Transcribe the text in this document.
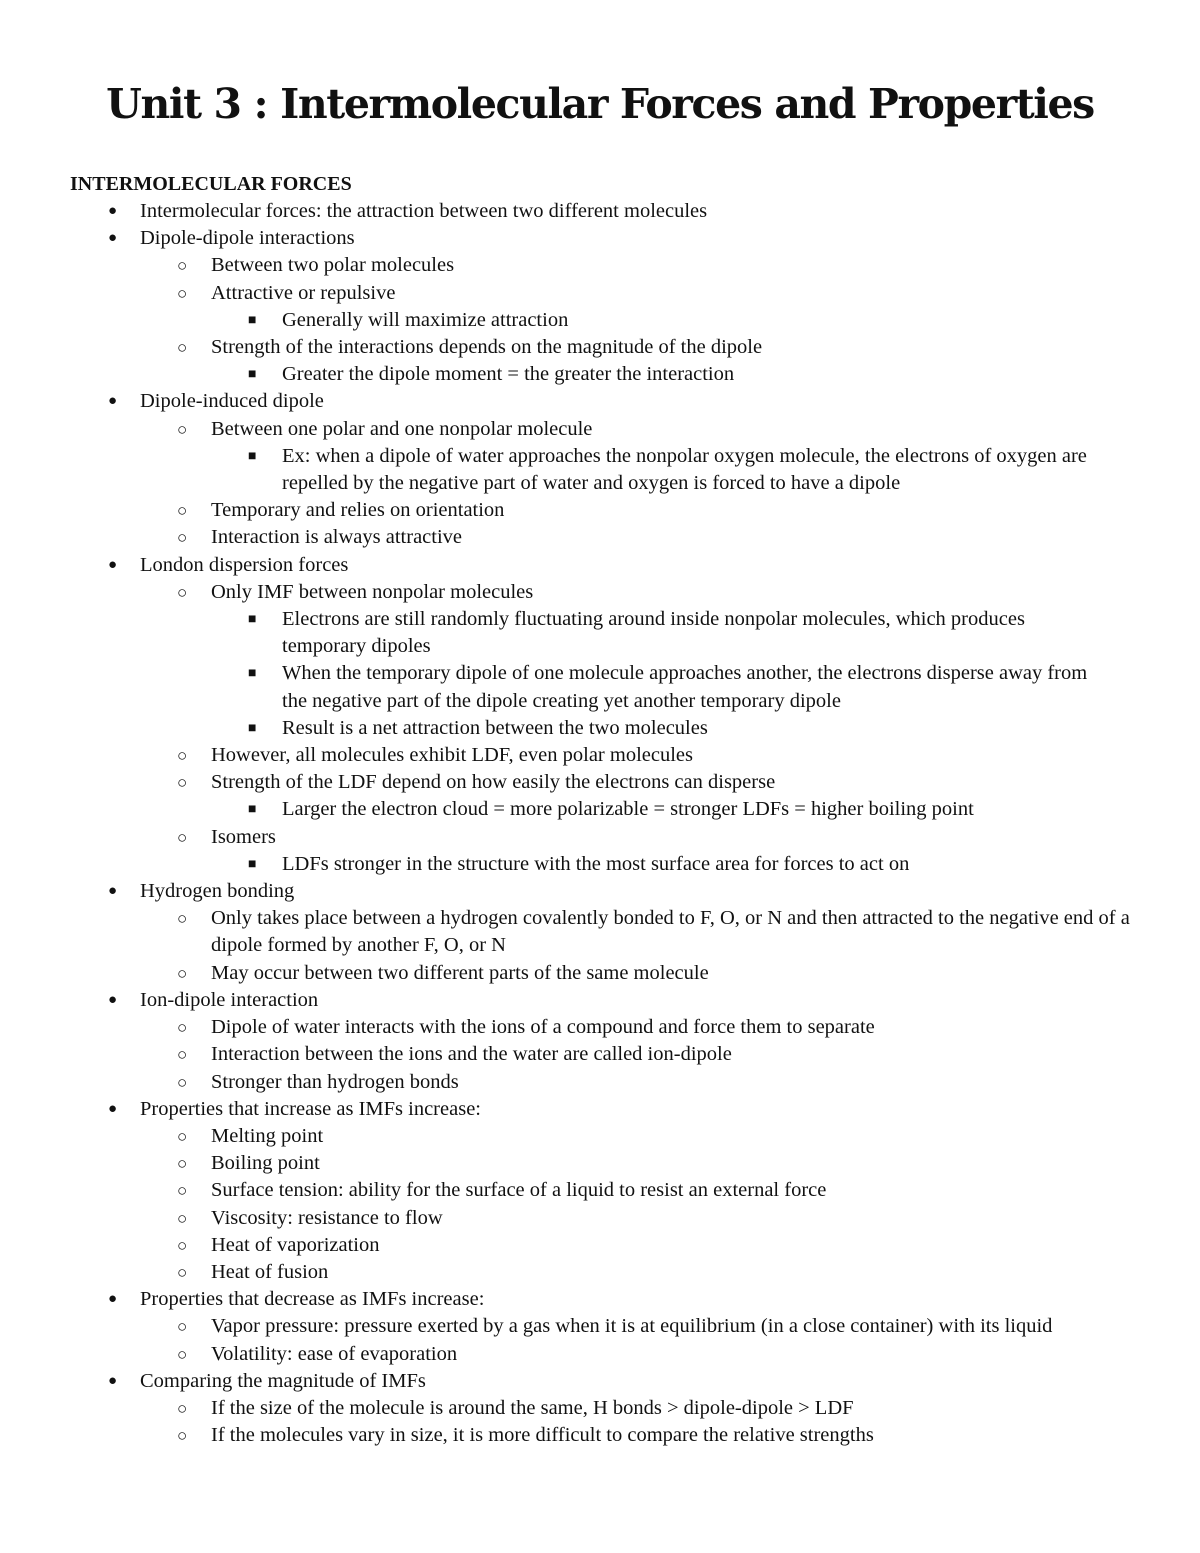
Unit 3 : Intermolecular Forces and Properties
INTERMOLECULAR FORCES
● Intermolecular forces: the attraction between two different molecules
● Dipole-dipole interactions
○ Between two polar molecules
○ Attractive or repulsive
■ Generally will maximize attraction
○ Strength of the interactions depends on the magnitude of the dipole
■ Greater the dipole moment = the greater the interaction
● Dipole-induced dipole
○ Between one polar and one nonpolar molecule
■ Ex: when a dipole of water approaches the nonpolar oxygen molecule, the electrons of oxygen are repelled by the negative part of water and oxygen is forced to have a dipole
○ Temporary and relies on orientation
○ Interaction is always attractive
● London dispersion forces
○ Only IMF between nonpolar molecules
■ Electrons are still randomly fluctuating around inside nonpolar molecules, which produces temporary dipoles
■ When the temporary dipole of one molecule approaches another, the electrons disperse away from the negative part of the dipole creating yet another temporary dipole
■ Result is a net attraction between the two molecules
○ However, all molecules exhibit LDF, even polar molecules
○ Strength of the LDF depend on how easily the electrons can disperse
■ Larger the electron cloud = more polarizable = stronger LDFs = higher boiling point
○ Isomers
■ LDFs stronger in the structure with the most surface area for forces to act on
● Hydrogen bonding
○ Only takes place between a hydrogen covalently bonded to F, O, or N and then attracted to the negative end of a dipole formed by another F, O, or N
○ May occur between two different parts of the same molecule
● Ion-dipole interaction
○ Dipole of water interacts with the ions of a compound and force them to separate
○ Interaction between the ions and the water are called ion-dipole
○ Stronger than hydrogen bonds
● Properties that increase as IMFs increase:
○ Melting point
○ Boiling point
○ Surface tension: ability for the surface of a liquid to resist an external force
○ Viscosity: resistance to flow
○ Heat of vaporization
○ Heat of fusion
● Properties that decrease as IMFs increase:
○ Vapor pressure: pressure exerted by a gas when it is at equilibrium (in a close container) with its liquid
○ Volatility: ease of evaporation
● Comparing the magnitude of IMFs
○ If the size of the molecule is around the same, H bonds > dipole-dipole > LDF
○ If the molecules vary in size, it is more difficult to compare the relative strengths
